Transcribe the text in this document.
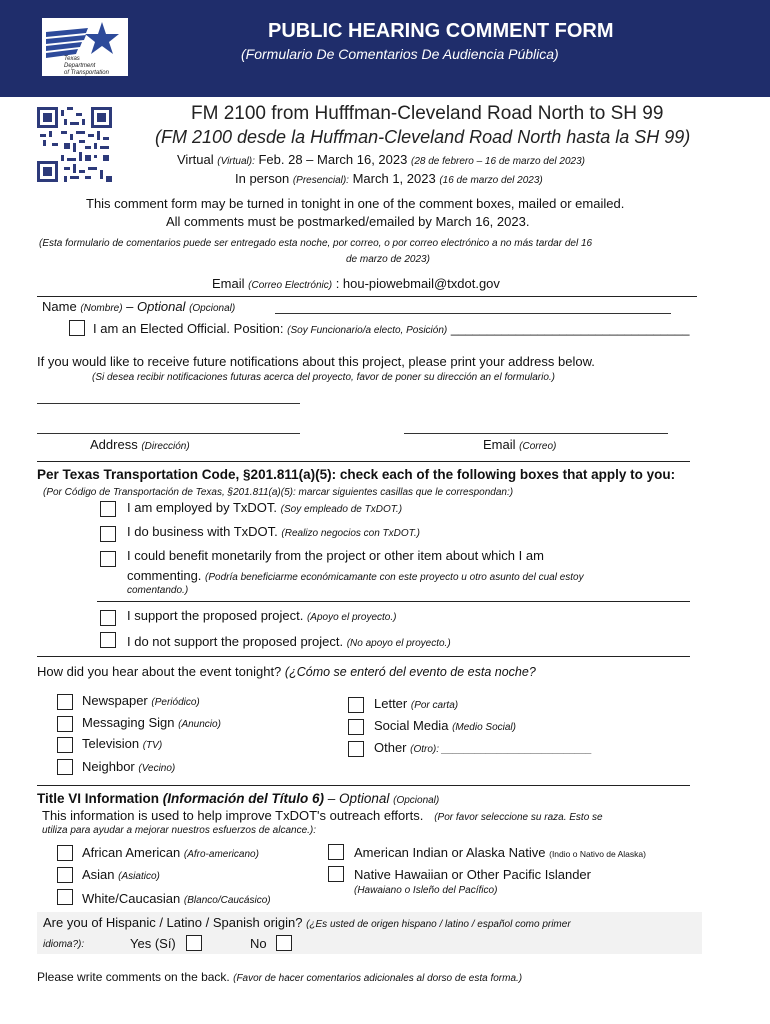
Texas
Department
of Transportation
®	PUBLIC HEARING COMMENT FORM
(Formulario De Comentarios De Audiencia Pública)
FM 2100 from Hufffman-Cleveland Road North to SH 99
(FM 2100 desde la Huffman-Cleveland Road North hasta la SH 99)
Virtual (Virtual): Feb. 28 – March 16, 2023 (28 de febrero – 16 de marzo del 2023)
In person (Presencial): March 1, 2023 (16 de marzo del 2023)
This comment form may be turned in tonight in one of the comment boxes, mailed or emailed.
All comments must be postmarked/emailed by March 16, 2023.
(Esta formulario de comentarios puede ser entregado esta noche, por correo, o por correo electrónico a no más tardar del 16
de marzo de 2023)
Email (Correo Electrónic) : hou-piowebmail@txdot.gov
Name (Nombre) – Optional (Opcional)
I am an Elected Official. Position: (Soy Funcionario/a electo, Posición) _________________________________
If you would like to receive future notifications about this project, please print your address below.
(Si desea recibir notificaciones futuras acerca del proyecto, favor de poner su dirección an el formulario.)
Address (Dirección)	Email (Correo)
Per Texas Transportation Code, §201.811(a)(5): check each of the following boxes that apply to you:
(Por Código de Transportación de Texas, §201.811(a)(5): marcar siguientes casillas que le correspondan:)
I am employed by TxDOT. (Soy empleado de TxDOT.)
I do business with TxDOT. (Realizo negocios con TxDOT.)
I could benefit monetarily from the project or other item about which I am
commenting. (Podría beneficiarme económicamante con este proyecto u otro asunto del cual estoy
comentando.)
I support the proposed project. (Apoyo el proyecto.)
I do not support the proposed project. (No apoyo el proyecto.)
How did you hear about the event tonight? (¿Cómo se enteró del evento de esta noche?
Newspaper (Periódico)
Messaging Sign (Anuncio)
Television (TV)
Neighbor (Vecino)
Letter (Por carta)
Social Media (Medio Social)
Other (Otro): ___________________________
Title VI Information (Información del Título 6) – Optional (Opcional)
This information is used to help improve TxDOT's outreach efforts. (Por favor seleccione su raza. Esto se
utiliza para ayudar a mejorar nuestros esfuerzos de alcance.):
African American (Afro-americano)
Asian (Asiatico)
White/Caucasian (Blanco/Caucásico)
American Indian or Alaska Native (Indio o Nativo de Alaska)
Native Hawaiian or Other Pacific Islander
(Hawaiano o Isleño del Pacífico)
Are you of Hispanic / Latino / Spanish origin? (¿Es usted de origen hispano / latino / español como primer
idioma?):	Yes (Sí)	No
Please write comments on the back. (Favor de hacer comentarios adicionales al dorso de esta forma.)
